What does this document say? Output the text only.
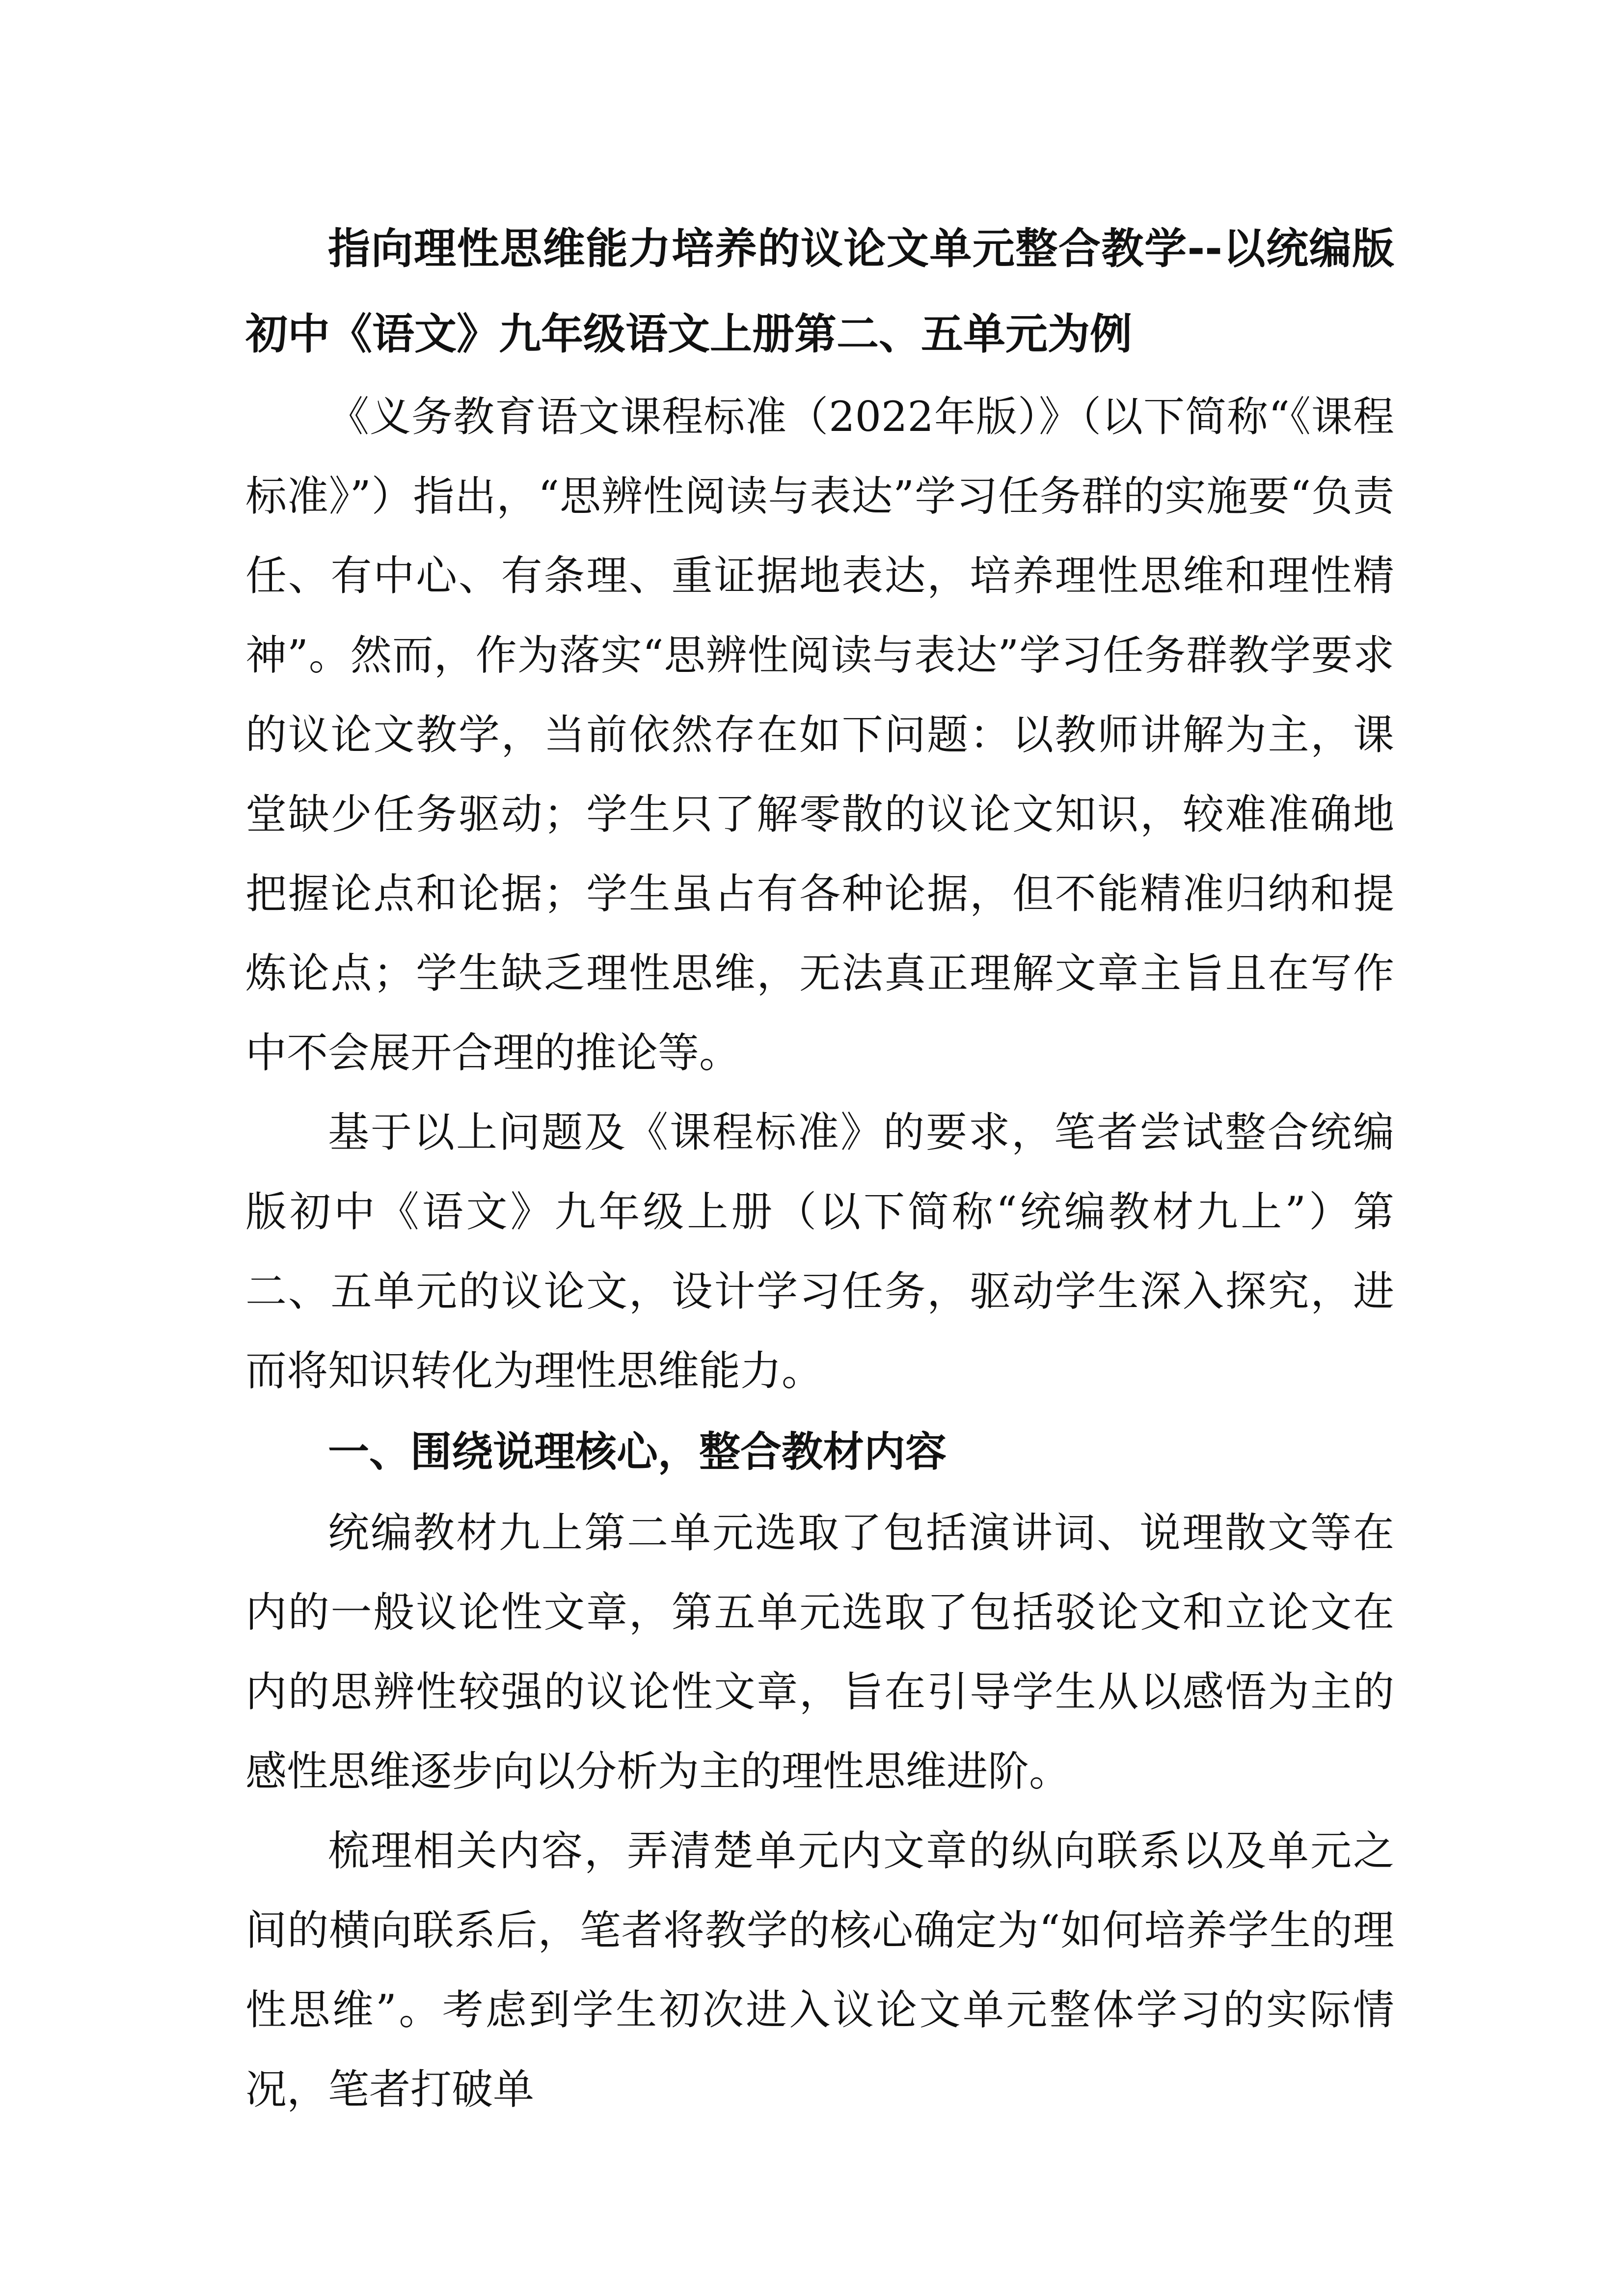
指向理性思维能力培养的议论文单元整合教学--以统编版初中《语文》九年级语文上册第二、五单元为例

《义务教育语文课程标准（2022年版）》（以下简称“《课程标准》”）指出，“思辨性阅读与表达”学习任务群的实施要“负责任、有中心、有条理、重证据地表达，培养理性思维和理性精神”。然而，作为落实“思辨性阅读与表达”学习任务群教学要求的议论文教学，当前依然存在如下问题：以教师讲解为主，课堂缺少任务驱动；学生只了解零散的议论文知识，较难准确地把握论点和论据；学生虽占有各种论据，但不能精准归纳和提炼论点；学生缺乏理性思维，无法真正理解文章主旨且在写作中不会展开合理的推论等。

基于以上问题及《课程标准》的要求，笔者尝试整合统编版初中《语文》九年级上册（以下简称“统编教材九上”）第二、五单元的议论文，设计学习任务，驱动学生深入探究，进而将知识转化为理性思维能力。

一、围绕说理核心，整合教材内容

统编教材九上第二单元选取了包括演讲词、说理散文等在内的一般议论性文章，第五单元选取了包括驳论文和立论文在内的思辨性较强的议论性文章，旨在引导学生从以感悟为主的感性思维逐步向以分析为主的理性思维进阶。

梳理相关内容，弄清楚单元内文章的纵向联系以及单元之间的横向联系后，笔者将教学的核心确定为“如何培养学生的理性思维”。考虑到学生初次进入议论文单元整体学习的实际情况，笔者打破单
